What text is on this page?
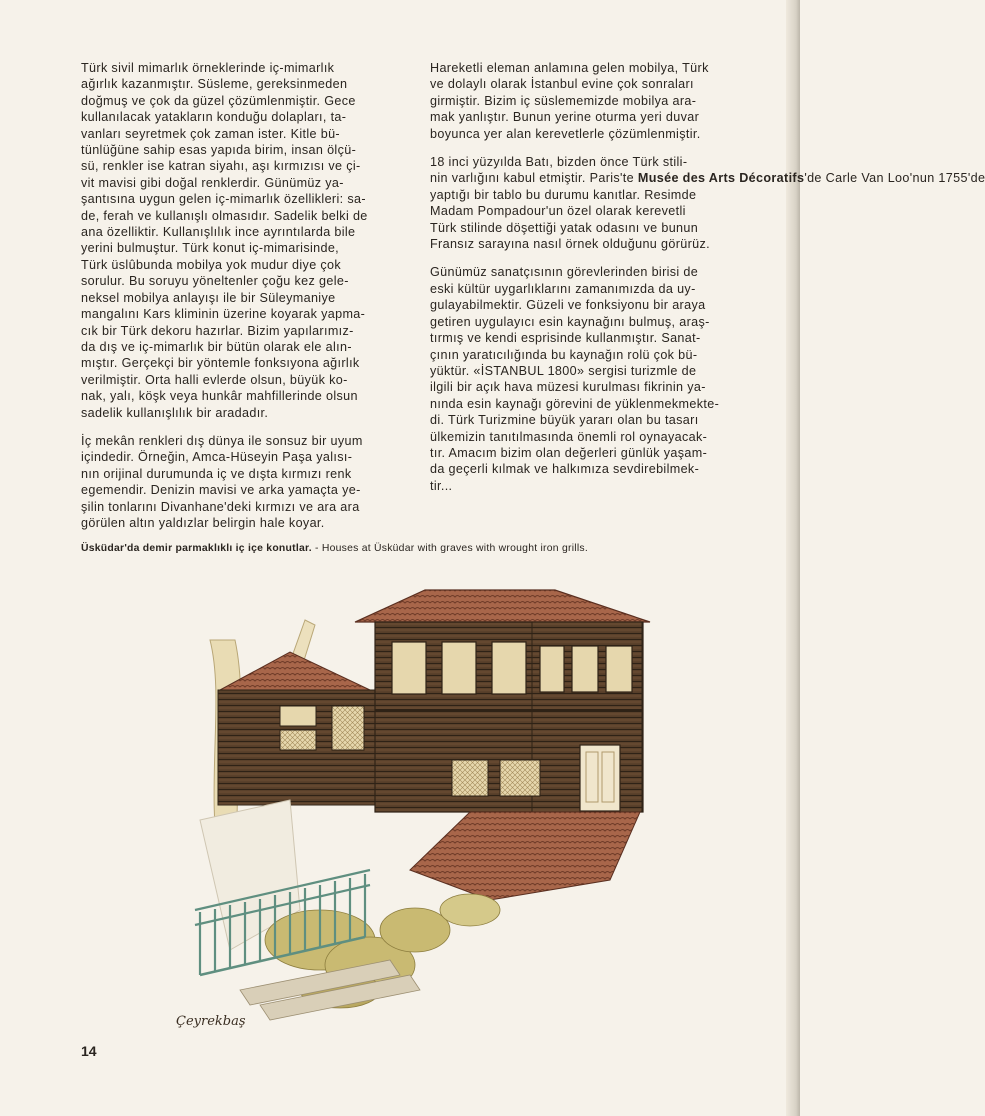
Türk sivil mimarlık örneklerinde iç-mimarlık
ağırlık kazanmıştır. Süsleme, gereksinmeden
doğmuş ve çok da güzel çözümlenmiştir. Gece
kullanılacak yatakların konduğu dolapları, ta-
vanları seyretmek çok zaman ister. Kitle bü-
tünlüğüne sahip esas yapıda birim, insan ölçü-
sü, renkler ise katran siyahı, aşı kırmızısı ve çi-
vit mavisi gibi doğal renklerdir. Günümüz ya-
şantısına uygun gelen iç-mimarlık özellikleri: sa-
de, ferah ve kullanışlı olmasıdır. Sadelik belki de
ana özelliktir. Kullanışlılık ince ayrıntılarda bile
yerini bulmuştur. Türk konut iç-mimarisinde,
Türk üslûbunda mobilya yok mudur diye çok
sorulur. Bu soruyu yöneltenler çoğu kez gele-
neksel mobilya anlayışı ile bir Süleymaniye
mangalını Kars kliminin üzerine koyarak yapma-
cık bir Türk dekoru hazırlar. Bizim yapılarımız-
da dış ve iç-mimarlık bir bütün olarak ele alın-
mıştır. Gerçekçi bir yöntemle fonksıyona ağırlık
verilmiştir. Orta halli evlerde olsun, büyük ko-
nak, yalı, köşk veya hunkâr mahfillerinde olsun
sadelik kullanışlılık bir aradadır.

İç mekân renkleri dış dünya ile sonsuz bir uyum
içindedir. Örneğin, Amca-Hüseyin Paşa yalısı-
nın orijinal durumunda iç ve dışta kırmızı renk
egemendir. Denizin mavisi ve arka yamaçta ye-
şilin tonlarını Divanhane'deki kırmızı ve ara ara
görülen altın yaldızlar belirgin hale koyar.

Hareketli eleman anlamına gelen mobilya, Türk
ve dolaylı olarak İstanbul evine çok sonraları
girmiştir. Bizim iç süslememizde mobilya ara-
mak yanlıştır. Bunun yerine oturma yeri duvar
boyunca yer alan kerevetlerle çözümlenmiştir.

18 inci yüzyılda Batı, bizden önce Türk stili-
nin varlığını kabul etmiştir. Paris'te Musée des Arts Décoratifs'de Carle Van Loo'nun 1755'de
yaptığı bir tablo bu durumu kanıtlar. Resimde
Madam Pompadour'un özel olarak kerevetli
Türk stilinde döşettiği yatak odasını ve bunun
Fransız sarayına nasıl örnek olduğunu görürüz.

Günümüz sanatçısının görevlerinden birisi de
eski kültür uygarlıklarını zamanımızda da uy-
gulayabilmektir. Güzeli ve fonksiyonu bir araya
getiren uygulayıcı esin kaynağını bulmuş, araş-
tırmış ve kendi esprisinde kullanmıştır. Sanat-
çının yaratıcılığında bu kaynağın rolü çok bü-
yüktür. «İSTANBUL 1800» sergisi turizmle de
ilgili bir açık hava müzesi kurulması fikrinin ya-
nında esin kaynağı görevini de yüklenmekmekte-
di. Türk Turizmine büyük yararı olan bu tasarı
ülkemizin tanıtılmasında önemli rol oynayacak-
tır. Amacım bizim olan değerleri günlük yaşam-
da geçerli kılmak ve halkımıza sevdirebilmek-
tir...

Üsküdar'da demir parmaklıklı iç içe konutlar. - Houses at Üsküdar with graves with wrought iron grills.
Çeyrekbaş
14
